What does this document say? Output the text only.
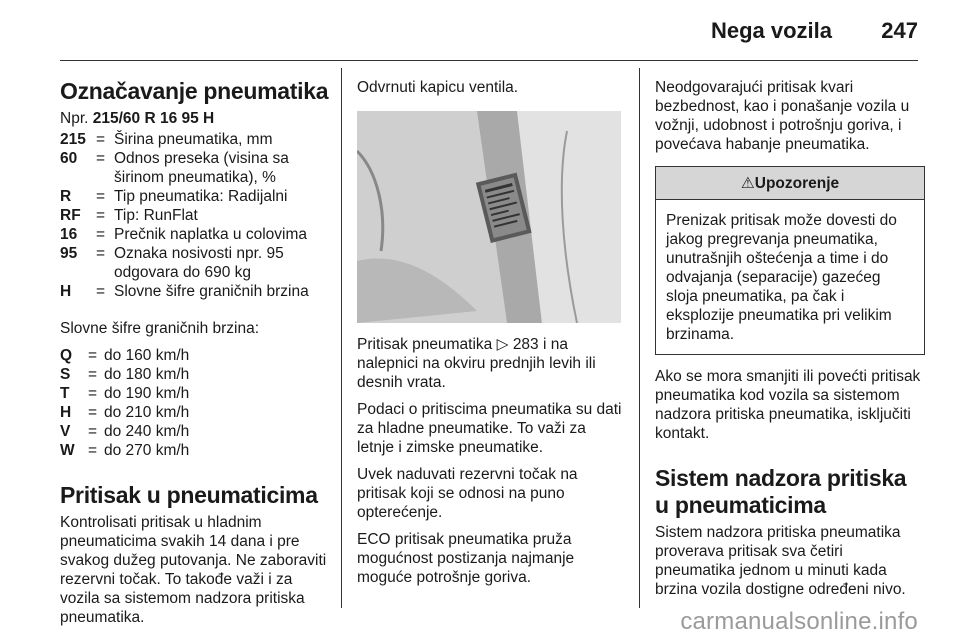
Nega vozila 247
Označavanje pneumatika

Npr. 215/60 R 16 95 H

215	=	Širina pneumatika, mm
60	=	Odnos preseka (visina sa širinom pneumatika), %
R	=	Tip pneumatika: Radijalni
RF	=	Tip: RunFlat
16	=	Prečnik naplatka u colovima
95	=	Oznaka nosivosti npr. 95 odgovara do 690 kg
H	=	Slovne šifre graničnih brzina

Slovne šifre graničnih brzina:

Q	=	do 160 km/h
S	=	do 180 km/h
T	=	do 190 km/h
H	=	do 210 km/h
V	=	do 240 km/h
W	=	do 270 km/h
Pritisak u pneumaticima

Kontrolisati pritisak u hladnim pneumaticima svakih 14 dana i pre svakog dužeg putovanja. Ne zaboraviti rezervni točak. To takođe važi i za vozila sa sistemom nadzora pritiska pneumatika.

Odvrnuti kapicu ventila.

Pritisak pneumatika ▷ 283 i na nalepnici na okviru prednjih levih ili desnih vrata.

Podaci o pritiscima pneumatika su dati za hladne pneumatike. To važi za letnje i zimske pneumatike.

Uvek naduvati rezervni točak na pritisak koji se odnosi na puno opterećenje.

ECO pritisak pneumatika pruža mogućnost postizanja najmanje moguće potrošnje goriva.

Neodgovarajući pritisak kvari bezbednost, kao i ponašanje vozila u vožnji, udobnost i potrošnju goriva, i povećava habanje pneumatika.

⚠Upozorenje
Prenizak pritisak može dovesti do jakog pregrevanja pneumatika, unutrašnjih oštećenja a time i do odvajanja (separacije) gazećeg sloja pneumatika, pa čak i eksplozije pneumatika pri velikim brzinama.

Ako se mora smanjiti ili povećti pritisak pneumatika kod vozila sa sistemom nadzora pritiska pneumatika, isključiti kontakt.

Sistem nadzora pritiska u pneumaticima

Sistem nadzora pritiska pneumatika proverava pritisak sva četiri pneumatika jednom u minuti kada brzina vozila dostigne određeni nivo.

carmanualsonline.info
